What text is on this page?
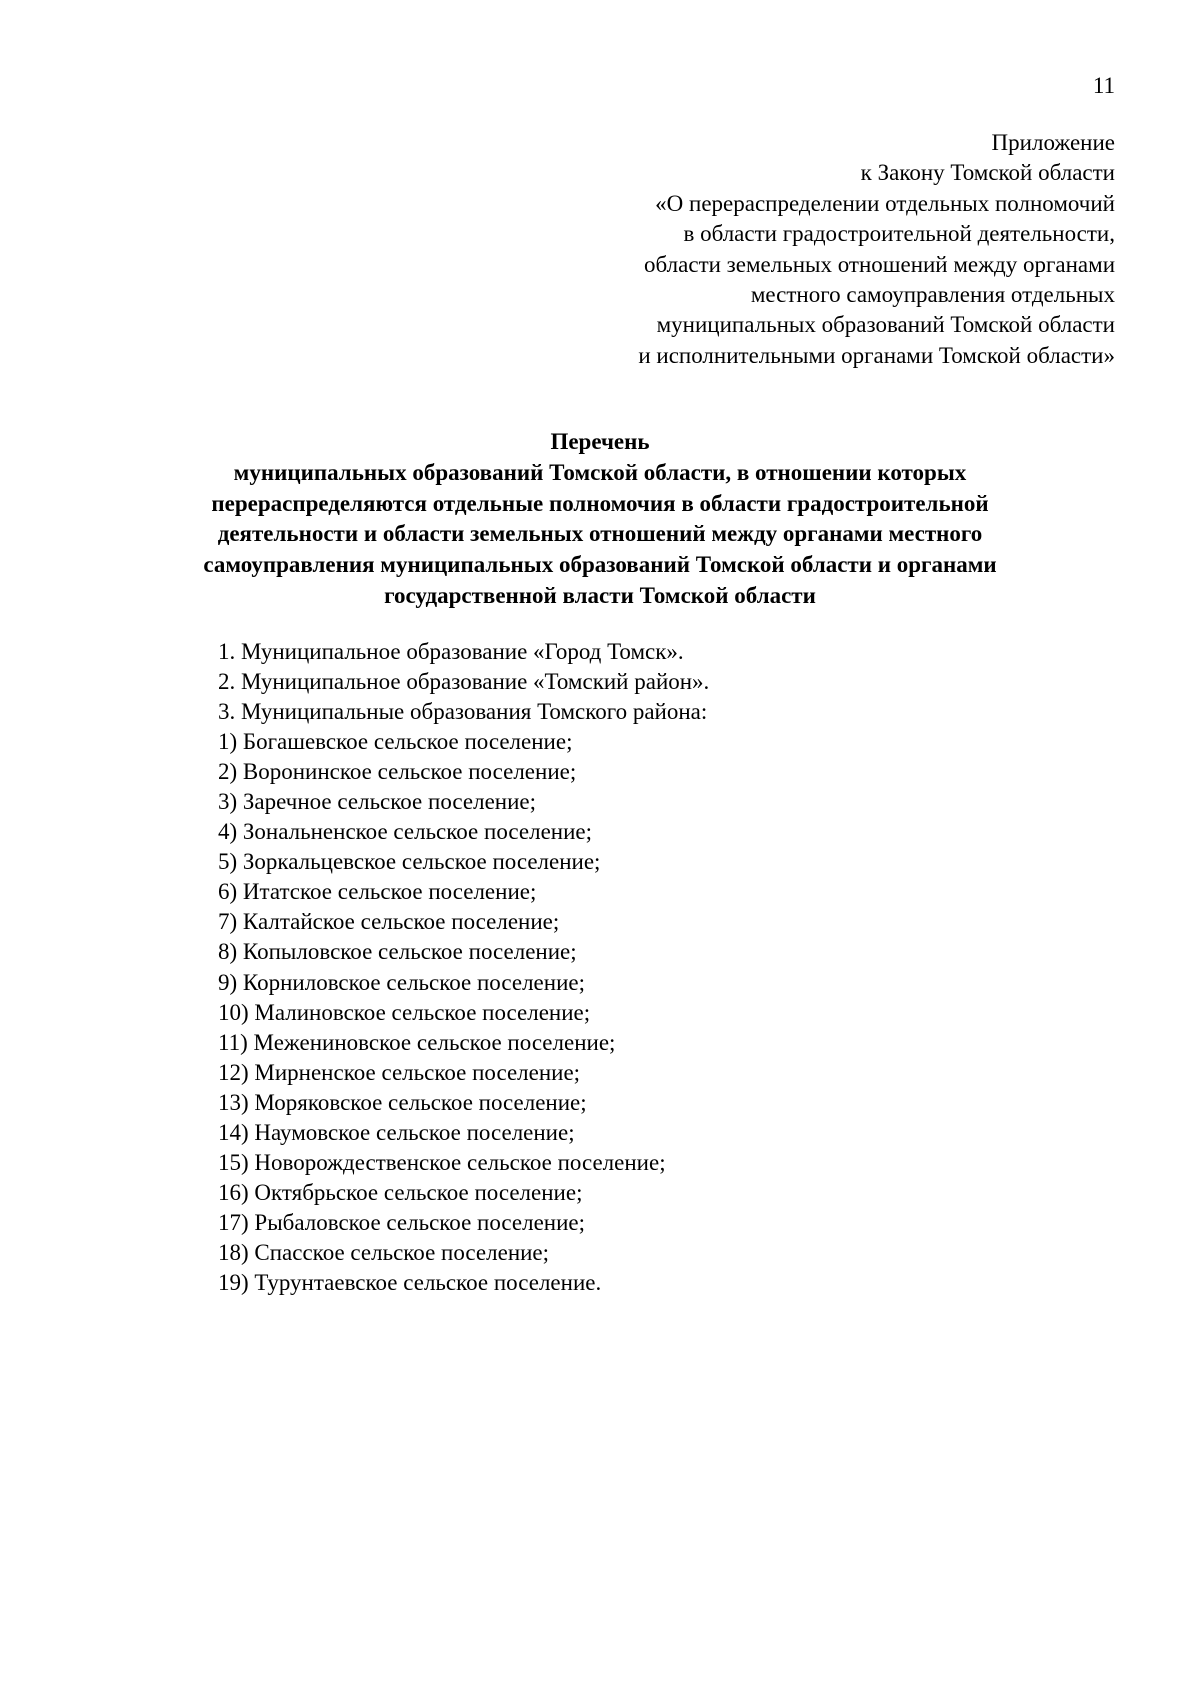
11
Приложение
к Закону Томской области
«О перераспределении отдельных полномочий
в области градостроительной деятельности,
области земельных отношений между органами
местного самоуправления отдельных
муниципальных образований Томской области
и исполнительными органами Томской области»
Перечень
муниципальных образований Томской области, в отношении которых
перераспределяются отдельные полномочия в области градостроительной
деятельности и области земельных отношений между органами местного
самоуправления муниципальных образований Томской области и органами
государственной власти Томской области
1. Муниципальное образование «Город Томск».
2. Муниципальное образование «Томский район».
3. Муниципальные образования Томского района:
1) Богашевское сельское поселение;
2) Воронинское сельское поселение;
3) Заречное сельское поселение;
4) Зональненское сельское поселение;
5) Зоркальцевское сельское поселение;
6) Итатское сельское поселение;
7) Калтайское сельское поселение;
8) Копыловское сельское поселение;
9) Корниловское сельское поселение;
10) Малиновское сельское поселение;
11) Межениновское сельское поселение;
12) Мирненское сельское поселение;
13) Моряковское сельское поселение;
14) Наумовское сельское поселение;
15) Новорождественское сельское поселение;
16) Октябрьское сельское поселение;
17) Рыбаловское сельское поселение;
18) Спасское сельское поселение;
19) Турунтаевское сельское поселение.
